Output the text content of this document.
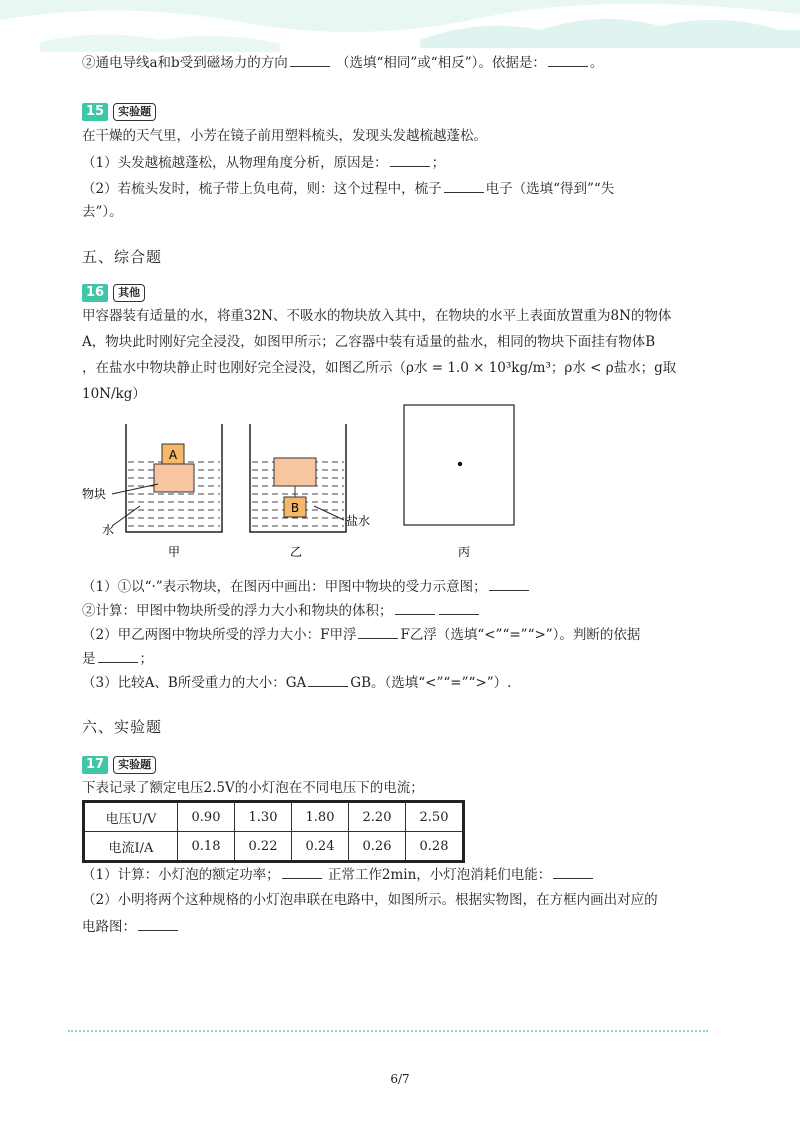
②通电导线a和b受到磁场力的方向	（选填“相同”或“相反”）。依据是：	。
15	实验题
在干燥的天气里，小芳在镜子前用塑料梳头，发现头发越梳越蓬松。
（1）头发越梳越蓬松，从物理角度分析，原因是：	；
（2）若梳头发时，梳子带上负电荷，则：这个过程中，梳子	电子（选填“得到”“失
去”）。
五、综合题
16	其他
甲容器装有适量的水，将重32N、不吸水的物块放入其中，在物块的水平上表面放置重为8N的物体
A，物块此时刚好完全浸没，如图甲所示；乙容器中装有适量的盐水，相同的物块下面挂有物体B
，在盐水中物块静止时也刚好完全浸没，如图乙所示（ρ水 = 1.0 × 10³kg/m³；ρ水 < ρ盐水；g取
10N/kg）
A
物块
水
甲
B
盐水
乙	丙
（1）①以“·”表示物块，在图丙中画出：甲图中物块的受力示意图；
②计算：甲图中物块所受的浮力大小和物块的体积；
（2）甲乙两图中物块所受的浮力大小：F甲浮	F乙浮（选填“<”“=”“>”）。判断的依据
是	；
（3）比较A、B所受重力的大小：GA	GB。（选填“<”“=”“>”）.
六、实验题
17	实验题
下表记录了额定电压2.5V的小灯泡在不同电压下的电流；
电压U/V	0.90	1.30	1.80	2.20	2.50
电流I/A	0.18	0.22	0.24	0.26	0.28
（1）计算：小灯泡的额定功率；	正常工作2min，小灯泡消耗们电能：
（2）小明将两个这种规格的小灯泡串联在电路中，如图所示。根据实物图，在方框内画出对应的
电路图：
6/7
